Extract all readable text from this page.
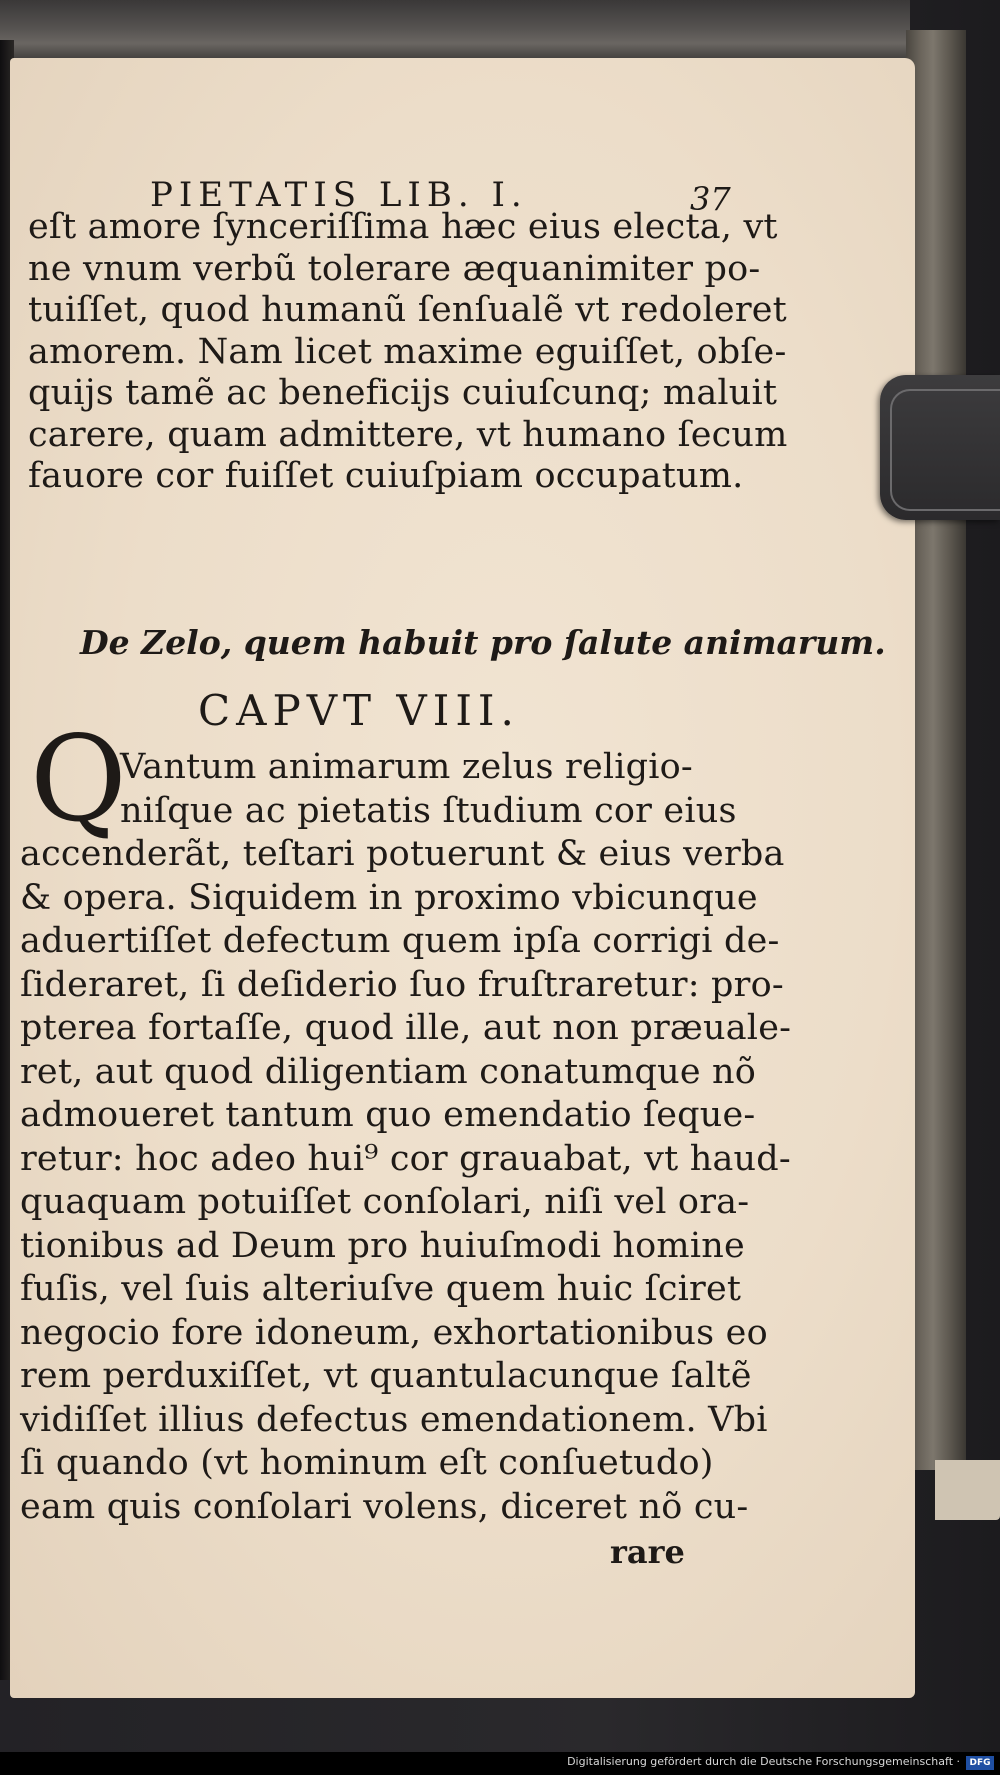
PIETATIS LIB. I.	37
eſt amore ſynceriſſima hæc eius electa, vt
ne vnum verbũ tolerare æquanimiter po-
tuiſſet, quod humanũ ſenſualẽ vt redoleret
amorem. Nam licet maxime eguiſſet, obſe-
quijs tamẽ ac beneficijs cuiuſcunq; maluit
carere, quam admittere, vt humano ſecum
fauore cor fuiſſet cuiuſpiam occupatum.
De Zelo, quem habuit pro ſalute animarum.
CAPVT VIII.
Q
Vantum animarum zelus religio-
niſque ac pietatis ſtudium cor eius
accenderãt, teſtari potuerunt & eius verba
& opera. Siquidem in proximo vbicunque
aduertiſſet defectum quem ipſa corrigi de-
ſideraret, ſi deſiderio ſuo fruſtraretur: pro-
pterea fortaſſe, quod ille, aut non præuale-
ret, aut quod diligentiam conatumque nõ
admoueret tantum quo emendatio ſeque-
retur: hoc adeo hui⁹ cor grauabat, vt haud-
quaquam potuiſſet conſolari, niſi vel ora-
tionibus ad Deum pro huiuſmodi homine
fuſis, vel ſuis alteriuſve quem huic ſciret
negocio fore idoneum, exhortationibus eo
rem perduxiſſet, vt quantulacunque ſaltẽ
vidiſſet illius defectus emendationem. Vbi
ſi quando (vt hominum eſt conſuetudo)
eam quis conſolari volens, diceret nõ cu-
rare
Digitalisierung gefördert durch die Deutsche Forschungsgemeinschaft ·	DFG
